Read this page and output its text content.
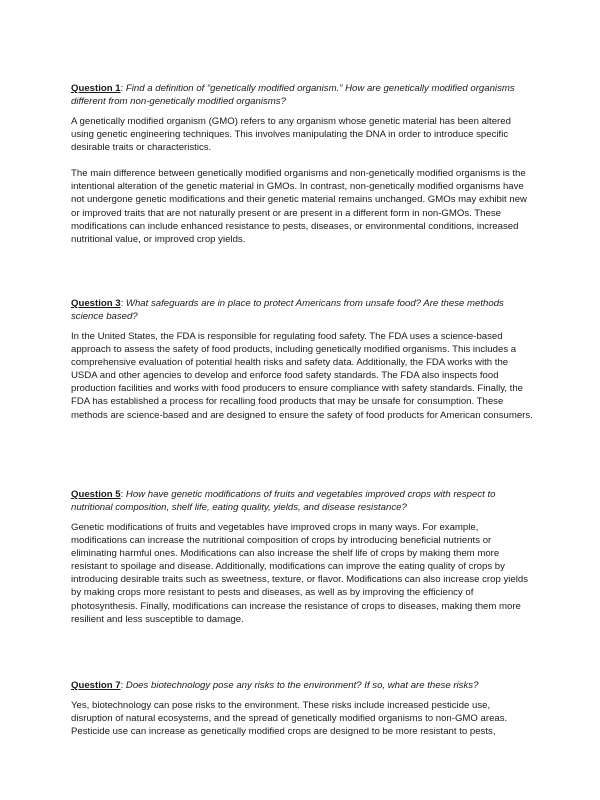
Question 1: Find a definition of “genetically modified organism.” How are genetically modified organisms different from non-genetically modified organisms?

A genetically modified organism (GMO) refers to any organism whose genetic material has been altered using genetic engineering techniques. This involves manipulating the DNA in order to introduce specific desirable traits or characteristics.

The main difference between genetically modified organisms and non-genetically modified organisms is the intentional alteration of the genetic material in GMOs. In contrast, non-genetically modified organisms have not undergone genetic modifications and their genetic material remains unchanged. GMOs may exhibit new or improved traits that are not naturally present or are present in a different form in non-GMOs. These modifications can include enhanced resistance to pests, diseases, or environmental conditions, increased nutritional value, or improved crop yields.

Question 3: What safeguards are in place to protect Americans from unsafe food? Are these methods science based?

In the United States, the FDA is responsible for regulating food safety. The FDA uses a science-based approach to assess the safety of food products, including genetically modified organisms. This includes a comprehensive evaluation of potential health risks and safety data. Additionally, the FDA works with the USDA and other agencies to develop and enforce food safety standards. The FDA also inspects food production facilities and works with food producers to ensure compliance with safety standards. Finally, the FDA has established a process for recalling food products that may be unsafe for consumption. These methods are science-based and are designed to ensure the safety of food products for American consumers.

Question 5: How have genetic modifications of fruits and vegetables improved crops with respect to nutritional composition, shelf life, eating quality, yields, and disease resistance?

Genetic modifications of fruits and vegetables have improved crops in many ways. For example, modifications can increase the nutritional composition of crops by introducing beneficial nutrients or eliminating harmful ones. Modifications can also increase the shelf life of crops by making them more resistant to spoilage and disease. Additionally, modifications can improve the eating quality of crops by introducing desirable traits such as sweetness, texture, or flavor. Modifications can also increase crop yields by making crops more resistant to pests and diseases, as well as by improving the efficiency of photosynthesis. Finally, modifications can increase the resistance of crops to diseases, making them more resilient and less susceptible to damage.

Question 7: Does biotechnology pose any risks to the environment? If so, what are these risks?

Yes, biotechnology can pose risks to the environment. These risks include increased pesticide use, disruption of natural ecosystems, and the spread of genetically modified organisms to non-GMO areas. Pesticide use can increase as genetically modified crops are designed to be more resistant to pests,
